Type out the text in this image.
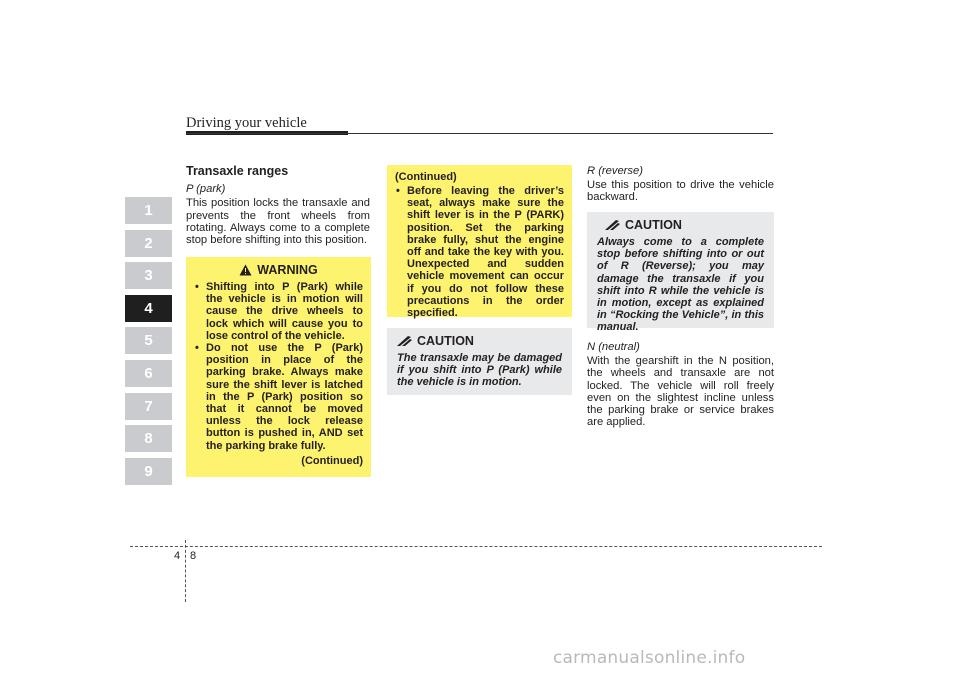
Driving your vehicle
1
2
3
4
5
6
7
8
9
Transaxle ranges
P (park)

This position locks the transaxle and prevents the front wheels from rotating. Always come to a complete stop before shifting into this position.

WARNING
• Shifting into P (Park) while the vehicle is in motion will cause the drive wheels to lock which will cause you to lose control of the vehicle.
• Do not use the P (Park) position in place of the parking brake. Always make sure the shift lever is latched in the P (Park) position so that it cannot be moved unless the lock release button is pushed in, AND set the parking brake fully.
(Continued)
(Continued)
• Before leaving the driver’s seat, always make sure the shift lever is in the P (PARK) position. Set the parking brake fully, shut the engine off and take the key with you. Unexpected and sudden vehicle movement can occur if you do not follow these precautions in the order specified.
CAUTION

The transaxle may be damaged if you shift into P (Park) while the vehicle is in motion.

R (reverse)

Use this position to drive the vehicle backward.

CAUTION

Always come to a complete stop before shifting into or out of R (Reverse); you may damage the transaxle if you shift into R while the vehicle is in motion, except as explained in “Rocking the Vehicle”, in this manual.

N (neutral)

With the gearshift in the N position, the wheels and transaxle are not locked. The vehicle will roll freely even on the slightest incline unless the parking brake or service brakes are applied.

4 8
carmanualsonline.info
